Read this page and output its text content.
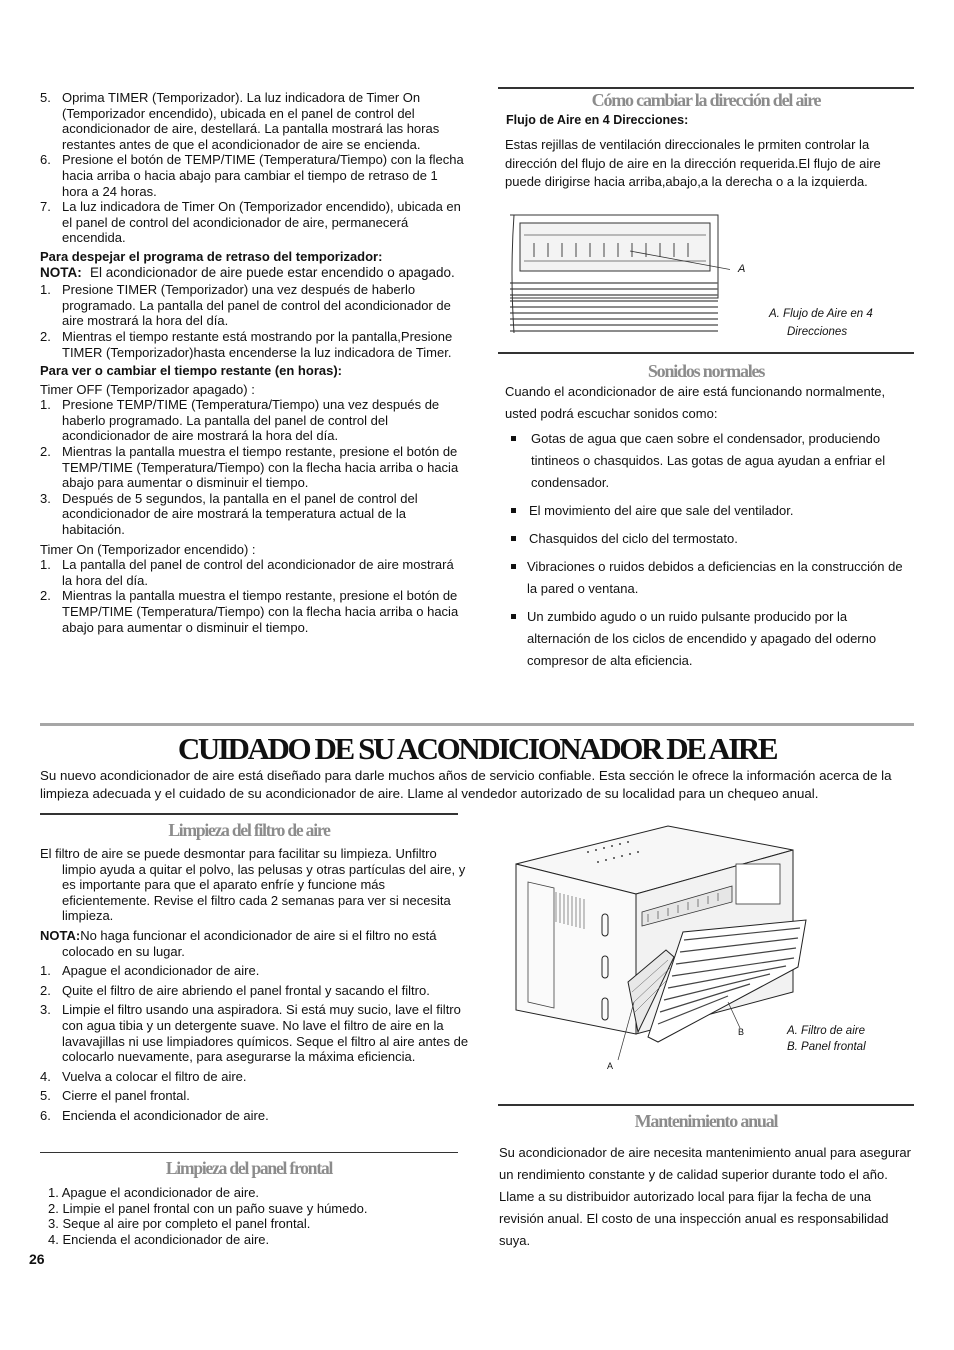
5. Oprima TIMER (Temporizador). La luz indicadora de Timer On (Temporizador encendido), ubicada en el panel de control del acondicionador de aire, destellará. La pantalla mostrará las horas restantes antes de que el acondicionador de aire se encienda.
6. Presione el botón de TEMP/TIME (Temperatura/Tiempo) con la flecha hacia arriba o hacia abajo para cambiar el tiempo de retraso de 1 hora a 24 horas.
7. La luz indicadora de Timer On (Temporizador encendido), ubicada en el panel de control del acondicionador de aire, permanecerá encendida.
Para despejar el programa de retraso del temporizador:
NOTA: El acondicionador de aire puede estar encendido o apagado.
1. Presione TIMER (Temporizador) una vez después de haberlo programado. La pantalla del panel de control del acondicionador de aire mostrará la hora del día.
2. Mientras el tiempo restante está mostrando por la pantalla,Presione TIMER (Temporizador)hasta encenderse la luz indicadora de Timer.
Para ver o cambiar el tiempo restante (en horas):
Timer OFF (Temporizador apagado) :
1. Presione TEMP/TIME (Temperatura/Tiempo) una vez después de haberlo programado. La pantalla del panel de control del acondicionador de aire mostrará la hora del día.
2. Mientras la pantalla muestra el tiempo restante, presione el botón de TEMP/TIME (Temperatura/Tiempo) con la flecha hacia arriba o hacia abajo para aumentar o disminuir el tiempo.
3. Después de 5 segundos, la pantalla en el panel de control del acondicionador de aire mostrará la temperatura actual de la habitación.
Timer On (Temporizador encendido) :
1. La pantalla del panel de control del acondicionador de aire mostrará la hora del día.
2. Mientras la pantalla muestra el tiempo restante, presione el botón de TEMP/TIME (Temperatura/Tiempo) con la flecha hacia arriba o hacia abajo para aumentar o disminuir el tiempo.
Cómo cambiar la dirección del aire
Flujo de Aire en 4 Direcciones:
Estas rejillas de ventilación direccionales le prmiten controlar la dirección del flujo de aire en la dirección requerida.El flujo de aire puede dirigirse hacia arriba,abajo,a la derecha o a la izquierda.
A
A. Flujo de Aire en 4
Direcciones
Sonidos normales
Cuando el acondicionador de aire está funcionando normalmente, usted podrá escuchar sonidos como:
Gotas de agua que caen sobre el condensador, produciendo tintineos o chasquidos. Las gotas de agua ayudan a enfriar el condensador.
El movimiento del aire que sale del ventilador.
Chasquidos del ciclo del termostato.
Vibraciones o ruidos debidos a deficiencias en la construcción de la pared o ventana.
Un zumbido agudo o un ruido pulsante producido por la alternación de los ciclos de encendido y apagado del oderno compresor de alta eficiencia.
CUIDADO DE SU ACONDICIONADOR DE AIRE
Su nuevo acondicionador de aire está diseñado para darle muchos años de servicio confiable. Esta sección le ofrece la información acerca de la limpieza adecuada y el cuidado de su acondicionador de aire. Llame al vendedor autorizado de su localidad para un chequeo anual.
Limpieza del filtro de aire
El filtro de aire se puede desmontar para facilitar su limpieza. Unfiltro limpio ayuda a quitar el polvo, las pelusas y otras partículas del aire, y es importante para que el aparato enfríe y funcione más eficientemente. Revise el filtro cada 2 semanas para ver si necesita limpieza.
NOTA:No haga funcionar el acondicionador de aire si el filtro no está colocado en su lugar.
1. Apague el acondicionador de aire.
2. Quite el filtro de aire abriendo el panel frontal y sacando el filtro.
3. Limpie el filtro usando una aspiradora. Si está muy sucio, lave el filtro con agua tibia y un detergente suave. No lave el filtro de aire en la lavavajillas ni use limpiadores químicos. Seque el filtro al aire antes de colocarlo nuevamente, para asegurarse la máxima eficiencia.
4. Vuelva a colocar el filtro de aire.
5. Cierre el panel frontal.
6. Encienda el acondicionador de aire.
A
B	A. Filtro de aire
B. Panel frontal
Limpieza del panel frontal
1. Apague el acondicionador de aire.
2. Limpie el panel frontal con un paño suave y húmedo.
3. Seque al aire por completo el panel frontal.
4. Encienda el acondicionador de aire.
26
Mantenimiento anual
Su acondicionador de aire necesita mantenimiento anual para asegurar un rendimiento constante y de calidad superior durante todo el año. Llame a su distribuidor autorizado local para fijar la fecha de una revisión anual. El costo de una inspección anual es responsabilidad suya.
